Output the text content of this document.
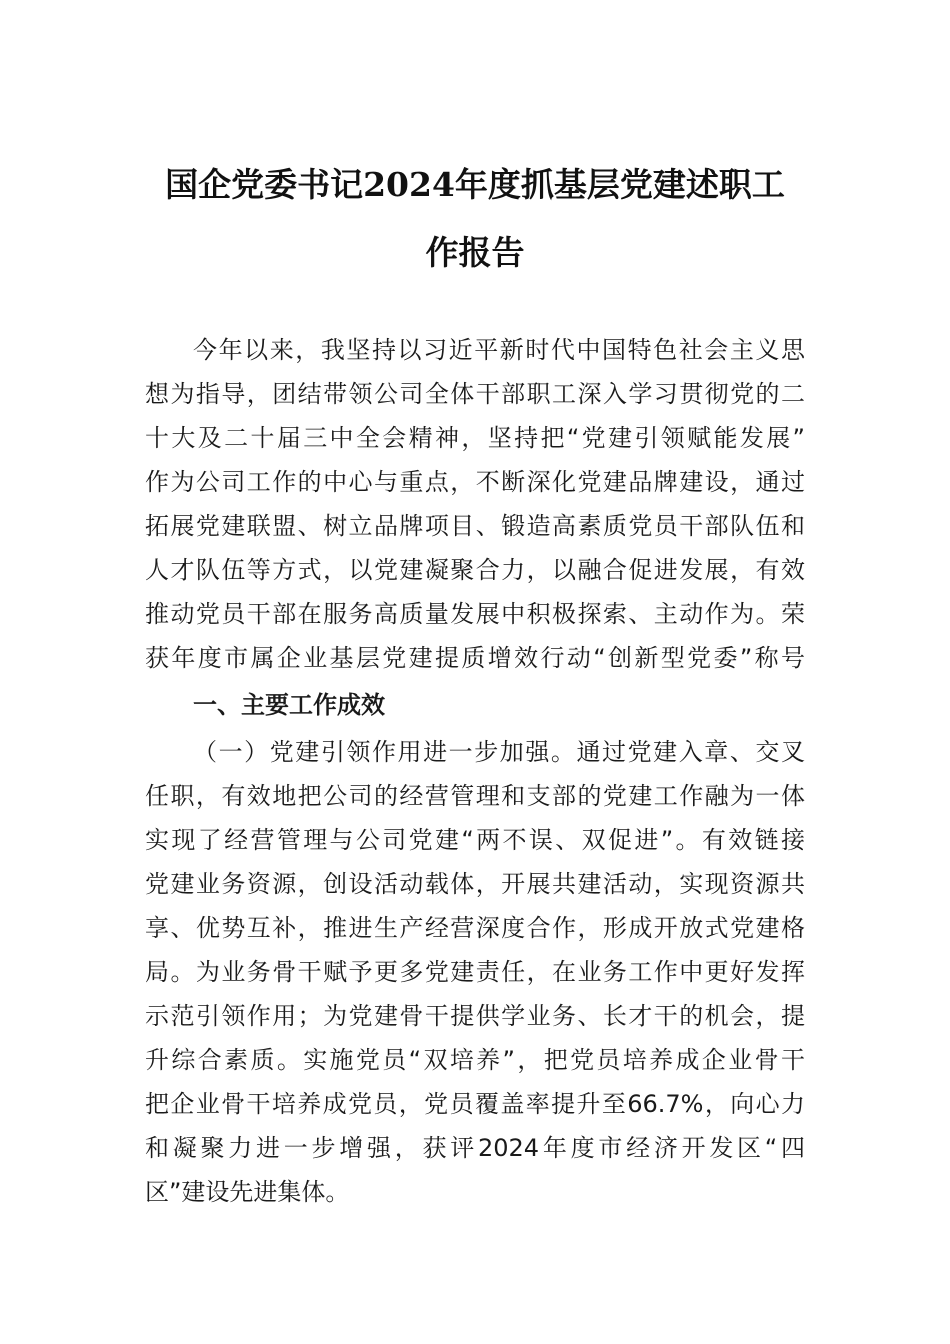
国企党委书记2024年度抓基层党建述职工
作报告
今年以来，我坚持以习近平新时代中国特色社会主义思
想为指导，团结带领公司全体干部职工深入学习贯彻党的二
十大及二十届三中全会精神，坚持把“党建引领赋能发展”
作为公司工作的中心与重点，不断深化党建品牌建设，通过
拓展党建联盟、树立品牌项目、锻造高素质党员干部队伍和
人才队伍等方式，以党建凝聚合力，以融合促进发展，有效
推动党员干部在服务高质量发展中积极探索、主动作为。荣
获年度市属企业基层党建提质增效行动“创新型党委”称号
一、主要工作成效
（一）党建引领作用进一步加强。通过党建入章、交叉
任职，有效地把公司的经营管理和支部的党建工作融为一体
实现了经营管理与公司党建“两不误、双促进”。有效链接
党建业务资源，创设活动载体，开展共建活动，实现资源共
享、优势互补，推进生产经营深度合作，形成开放式党建格
局。为业务骨干赋予更多党建责任，在业务工作中更好发挥
示范引领作用；为党建骨干提供学业务、长才干的机会，提
升综合素质。实施党员“双培养”，把党员培养成企业骨干
把企业骨干培养成党员，党员覆盖率提升至66.7%，向心力
和凝聚力进一步增强，获评2024年度市经济开发区“四
区”建设先进集体。
